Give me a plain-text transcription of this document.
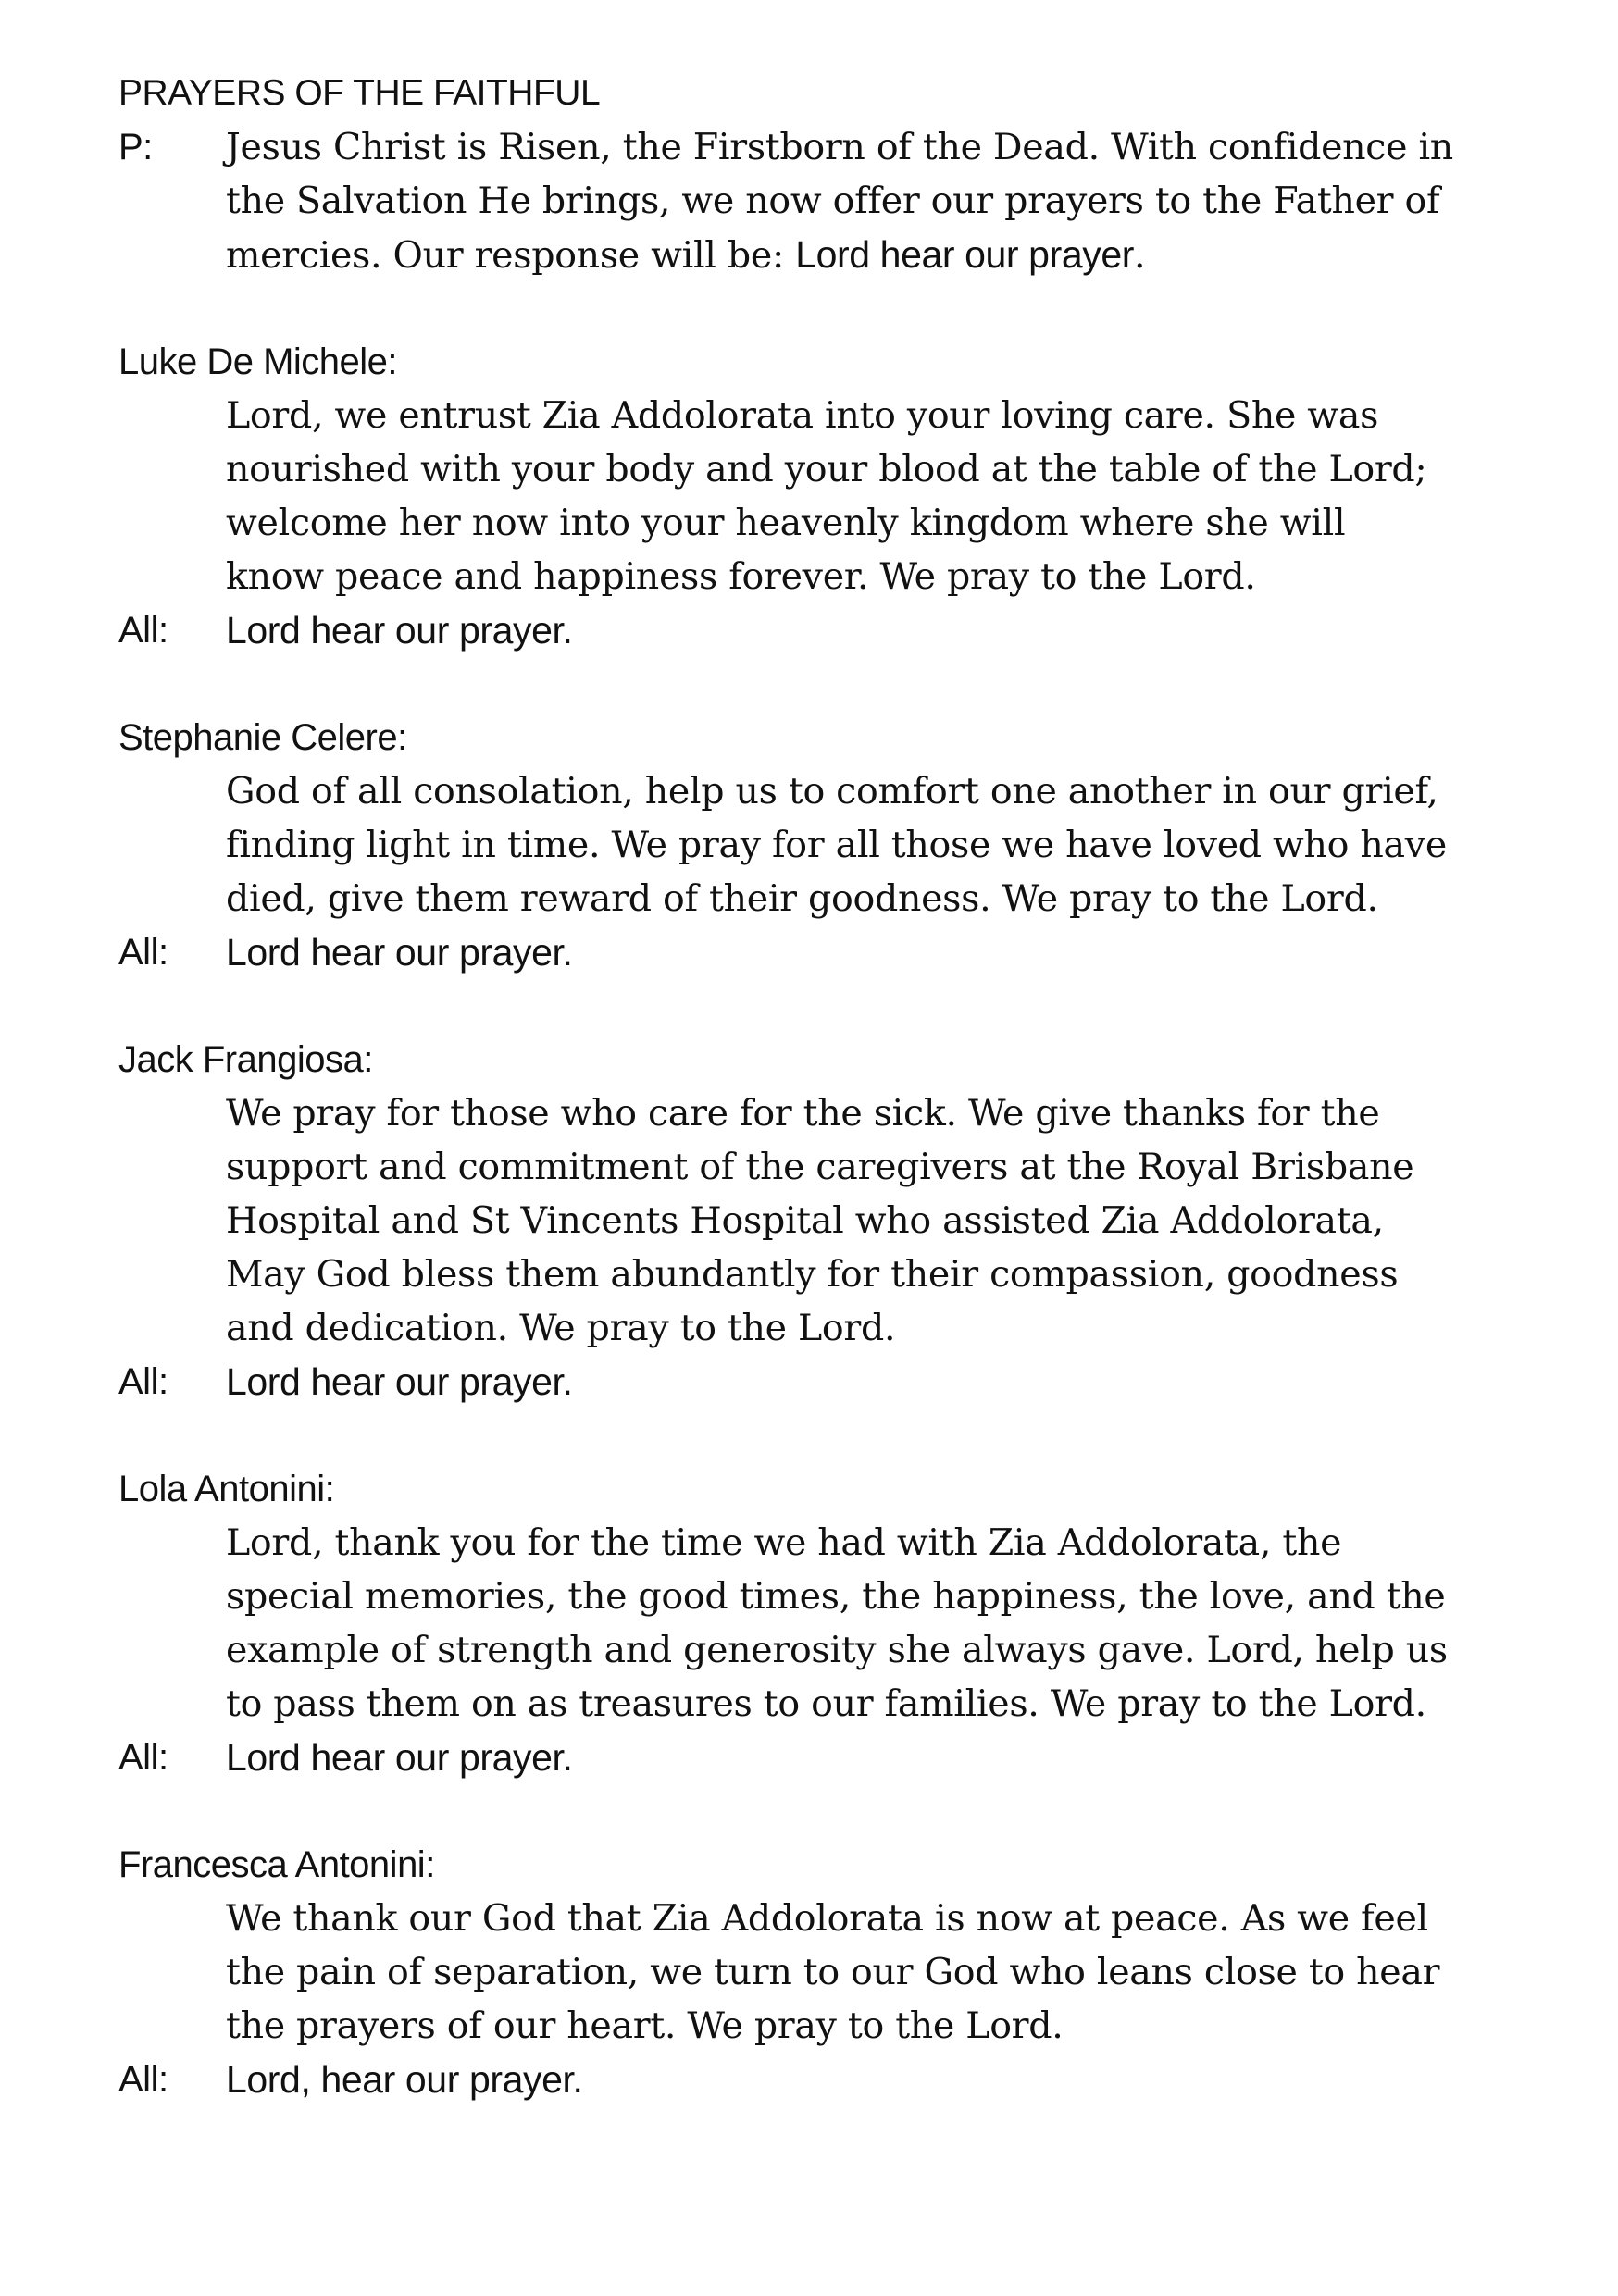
PRAYERS OF THE FAITHFUL
P: Jesus Christ is Risen, the Firstborn of the Dead. With confidence in
the Salvation He brings, we now offer our prayers to the Father of
mercies. Our response will be: Lord hear our prayer.
Luke De Michele:
Lord, we entrust Zia Addolorata into your loving care. She was
nourished with your body and your blood at the table of the Lord;
welcome her now into your heavenly kingdom where she will
know peace and happiness forever. We pray to the Lord.
All: Lord hear our prayer.
Stephanie Celere:
God of all consolation, help us to comfort one another in our grief,
finding light in time. We pray for all those we have loved who have
died, give them reward of their goodness. We pray to the Lord.
All: Lord hear our prayer.
Jack Frangiosa:
We pray for those who care for the sick. We give thanks for the
support and commitment of the caregivers at the Royal Brisbane
Hospital and St Vincents Hospital who assisted Zia Addolorata,
May God bless them abundantly for their compassion, goodness
and dedication. We pray to the Lord.
All: Lord hear our prayer.
Lola Antonini:
Lord, thank you for the time we had with Zia Addolorata, the
special memories, the good times, the happiness, the love, and the
example of strength and generosity she always gave. Lord, help us
to pass them on as treasures to our families. We pray to the Lord.
All: Lord hear our prayer.
Francesca Antonini:
We thank our God that Zia Addolorata is now at peace. As we feel
the pain of separation, we turn to our God who leans close to hear
the prayers of our heart. We pray to the Lord.
All: Lord, hear our prayer.
